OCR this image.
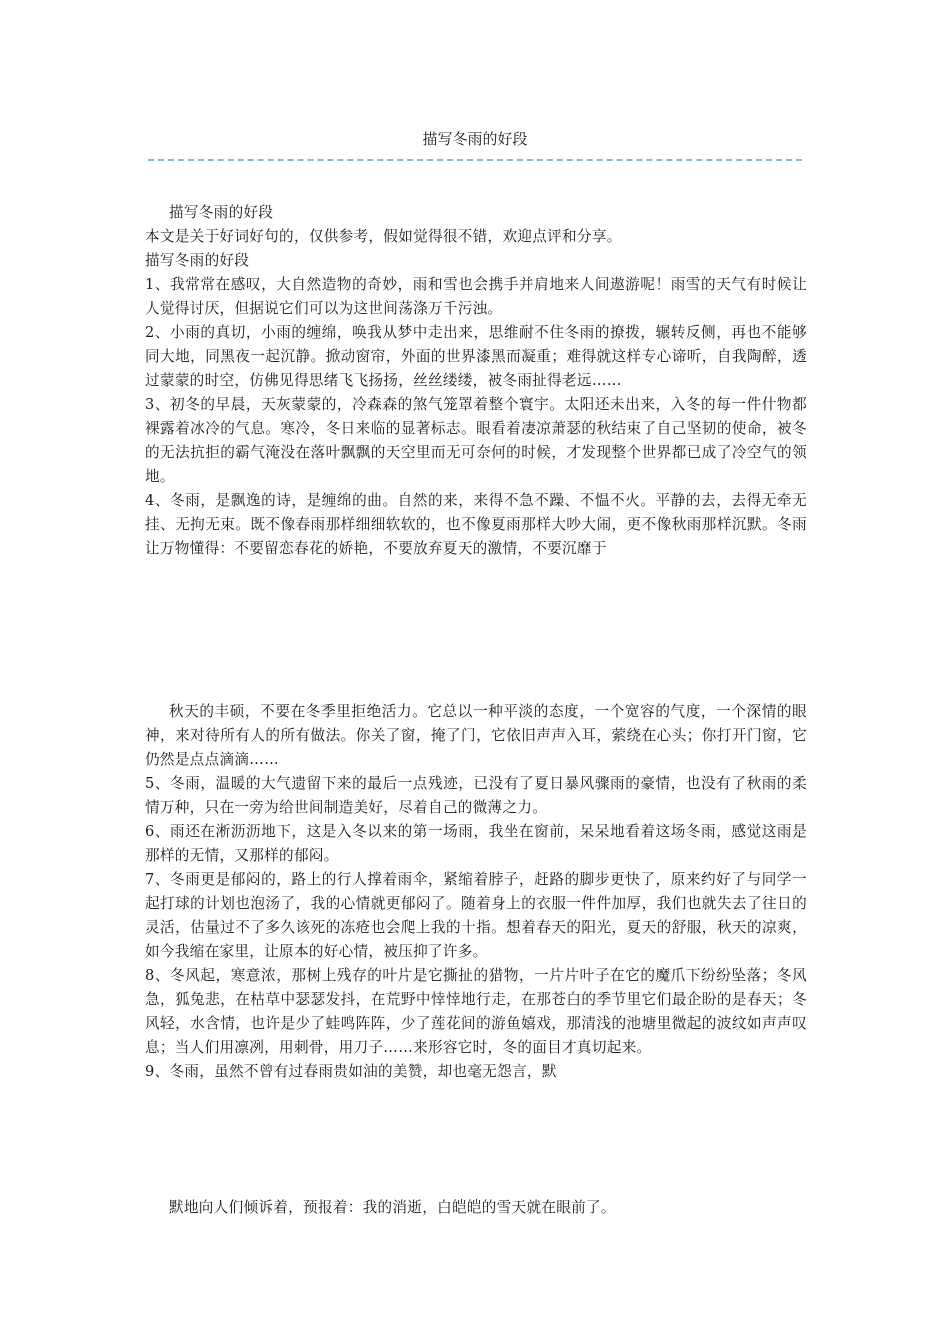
描写冬雨的好段

描写冬雨的好段

本文是关于好词好句的，仅供参考，假如觉得很不错，欢迎点评和分享。

描写冬雨的好段

1、我常常在感叹，大自然造物的奇妙，雨和雪也会携手并肩地来人间遨游呢！雨雪的天气有时候让人觉得讨厌，但据说它们可以为这世间荡涤万千污浊。

2、小雨的真切，小雨的缠绵，唤我从梦中走出来，思维耐不住冬雨的撩拨，辗转反侧，再也不能够同大地，同黑夜一起沉静。掀动窗帘，外面的世界漆黑而凝重；难得就这样专心谛听，自我陶醉，透过蒙蒙的时空，仿佛见得思绪飞飞扬扬，丝丝缕缕，被冬雨扯得老远……

3、初冬的早晨，天灰蒙蒙的，冷森森的煞气笼罩着整个寰宇。太阳还未出来，入冬的每一件什物都裸露着冰冷的气息。寒冷，冬日来临的显著标志。眼看着凄凉萧瑟的秋结束了自己坚韧的使命，被冬的无法抗拒的霸气淹没在落叶飘飘的天空里而无可奈何的时候，才发现整个世界都已成了冷空气的领地。

4、冬雨，是飘逸的诗，是缠绵的曲。自然的来，来得不急不躁、不愠不火。平静的去，去得无牵无挂、无拘无束。既不像春雨那样细细软软的，也不像夏雨那样大吵大闹，更不像秋雨那样沉默。冬雨让万物懂得：不要留恋春花的娇艳，不要放弃夏天的激情，不要沉靡于

秋天的丰硕，不要在冬季里拒绝活力。它总以一种平淡的态度，一个宽容的气度，一个深情的眼神，来对待所有人的所有做法。你关了窗，掩了门，它依旧声声入耳，萦绕在心头；你打开门窗，它仍然是点点滴滴……

5、冬雨，温暖的大气遗留下来的最后一点残迹，已没有了夏日暴风骤雨的豪情，也没有了秋雨的柔情万种，只在一旁为给世间制造美好，尽着自己的微薄之力。

6、雨还在淅沥沥地下，这是入冬以来的第一场雨，我坐在窗前，呆呆地看着这场冬雨，感觉这雨是那样的无情，又那样的郁闷。

7、冬雨更是郁闷的，路上的行人撑着雨伞，紧缩着脖子，赶路的脚步更快了，原来约好了与同学一起打球的计划也泡汤了，我的心情就更郁闷了。随着身上的衣服一件件加厚，我们也就失去了往日的灵活，估量过不了多久该死的冻疮也会爬上我的十指。想着春天的阳光，夏天的舒服，秋天的凉爽，如今我缩在家里，让原本的好心情，被压抑了许多。

8、冬风起，寒意浓，那树上残存的叶片是它撕扯的猎物，一片片叶子在它的魔爪下纷纷坠落；冬风急，狐兔悲，在枯草中瑟瑟发抖，在荒野中悻悻地行走，在那苍白的季节里它们最企盼的是春天；冬风轻，水含情，也许是少了蛙鸣阵阵，少了莲花间的游鱼嬉戏，那清浅的池塘里微起的波纹如声声叹息；当人们用凛冽，用刺骨，用刀子……来形容它时，冬的面目才真切起来。

9、冬雨，虽然不曾有过春雨贵如油的美赞，却也毫无怨言，默

默地向人们倾诉着，预报着：我的消逝，白皑皑的雪天就在眼前了。
